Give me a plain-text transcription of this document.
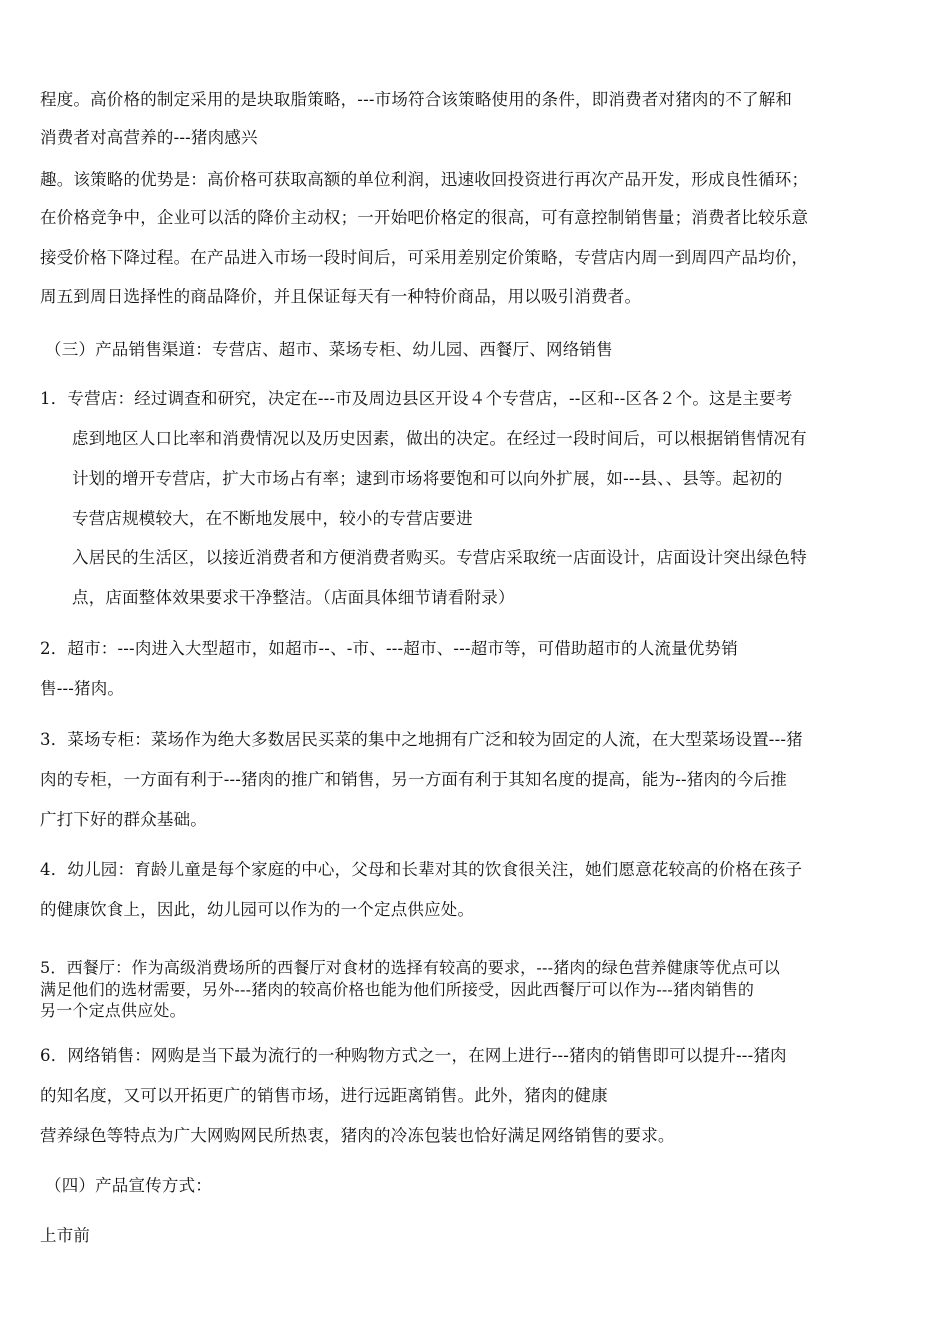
程度。高价格的制定采用的是块取脂策略，---市场符合该策略使用的条件，即消费者对猪肉的不了解和
消费者对高营养的---猪肉感兴
趣。该策略的优势是：高价格可获取高额的单位利润，迅速收回投资进行再次产品开发，形成良性循环；
在价格竞争中，企业可以活的降价主动权；一开始吧价格定的很高，可有意控制销售量；消费者比较乐意
接受价格下降过程。在产品进入市场一段时间后，可采用差别定价策略，专营店内周一到周四产品均价，
周五到周日选择性的商品降价，并且保证每天有一种特价商品，用以吸引消费者。
（三）产品销售渠道：专营店、超市、菜场专柜、幼儿园、西餐厅、网络销售
1．专营店：经过调查和研究，决定在---市及周边县区开设４个专营店，--区和--区各２个。这是主要考
虑到地区人口比率和消费情况以及历史因素，做出的决定。在经过一段时间后，可以根据销售情况有
计划的增开专营店，扩大市场占有率；逮到市场将要饱和可以向外扩展，如---县、、县等。起初的
专营店规模较大，在不断地发展中，较小的专营店要进
入居民的生活区，以接近消费者和方便消费者购买。专营店采取统一店面设计，店面设计突出绿色特
点，店面整体效果要求干净整洁。（店面具体细节请看附录）
2．超市：---肉进入大型超市，如超市--、-市、---超市、---超市等，可借助超市的人流量优势销
售---猪肉。
3．菜场专柜：菜场作为绝大多数居民买菜的集中之地拥有广泛和较为固定的人流，在大型菜场设置---猪
肉的专柜，一方面有利于---猪肉的推广和销售，另一方面有利于其知名度的提高，能为--猪肉的今后推
广打下好的群众基础。
4．幼儿园：育龄儿童是每个家庭的中心，父母和长辈对其的饮食很关注，她们愿意花较高的价格在孩子
的健康饮食上，因此，幼儿园可以作为的一个定点供应处。
5．西餐厅：作为高级消费场所的西餐厅对食材的选择有较高的要求，---猪肉的绿色营养健康等优点可以
满足他们的选材需要，另外---猪肉的较高价格也能为他们所接受，因此西餐厅可以作为---猪肉销售的
另一个定点供应处。
6．网络销售：网购是当下最为流行的一种购物方式之一，在网上进行---猪肉的销售即可以提升---猪肉
的知名度，又可以开拓更广的销售市场，进行远距离销售。此外，猪肉的健康
营养绿色等特点为广大网购网民所热衷，猪肉的冷冻包装也恰好满足网络销售的要求。
（四）产品宣传方式：
上市前
